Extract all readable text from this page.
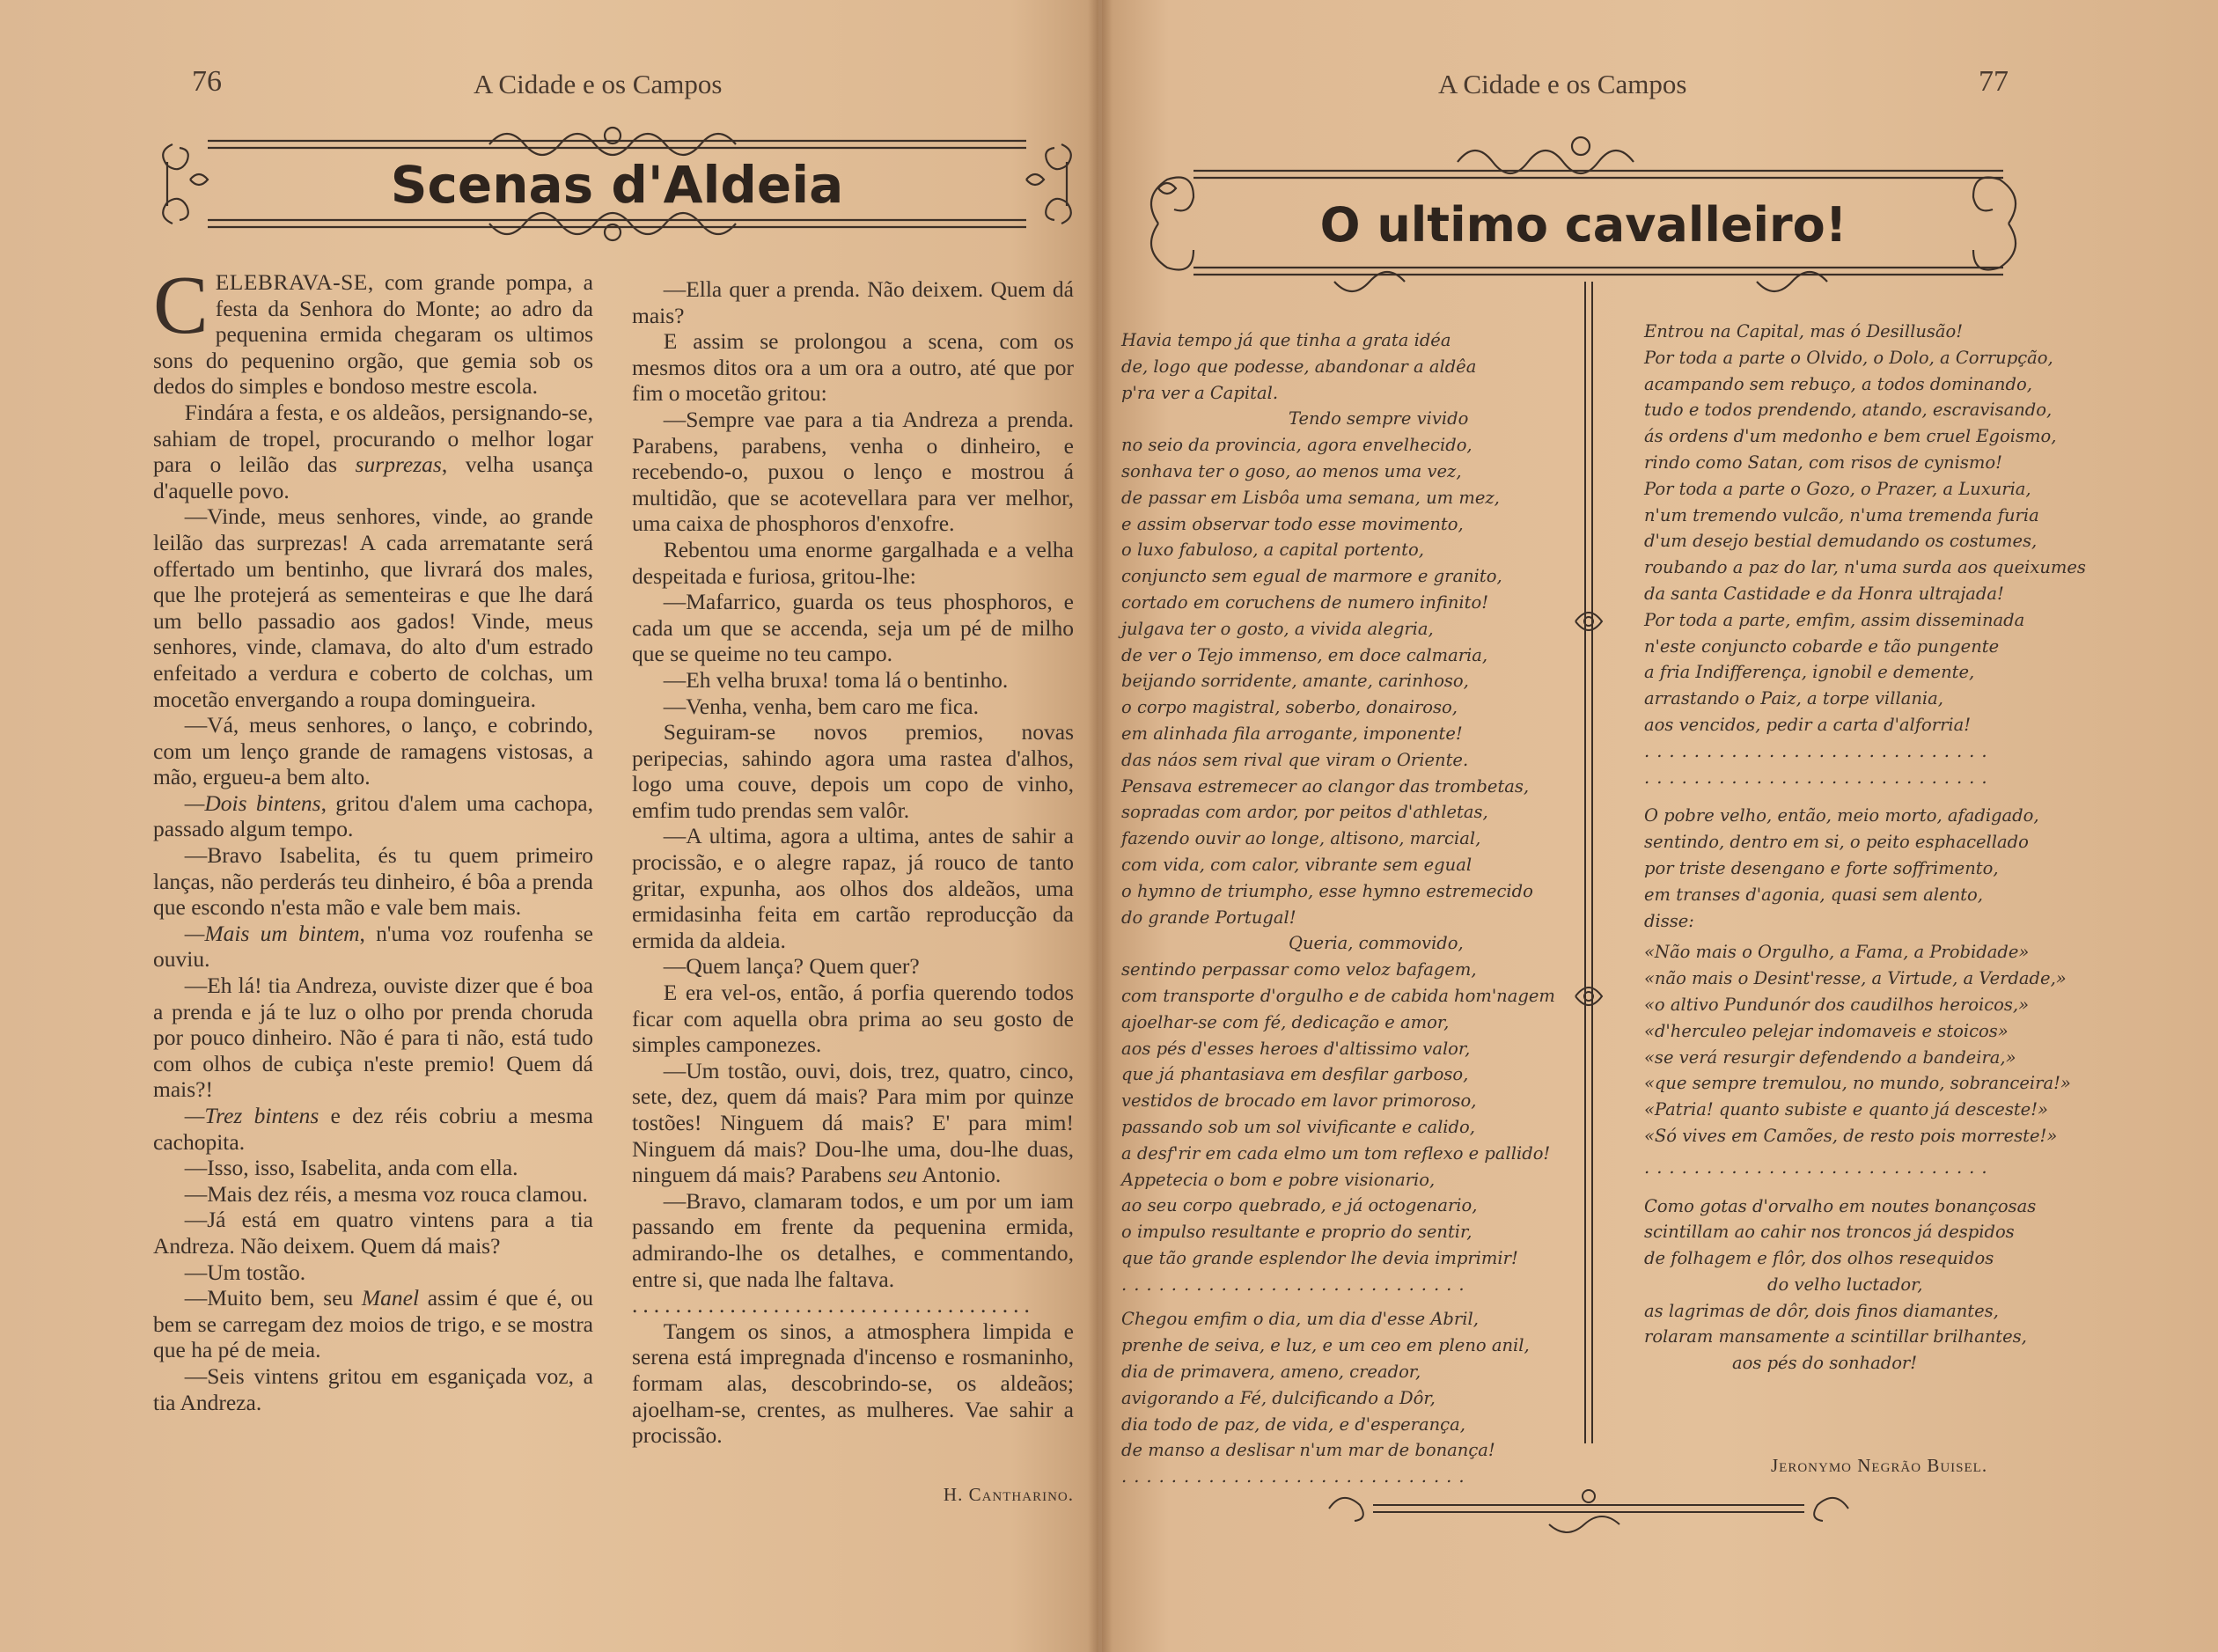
76	A Cidade e os Campos
Scenas d'Aldeia

CELEBRAVA-SE, com grande pompa, a festa da Senhora do Monte; ao adro da pequenina ermida chegaram os ultimos sons do pequenino orgão, que gemia sob os dedos do simples e bondoso mestre escola.

Findára a festa, e os aldeãos, persignando-se, sahiam de tropel, procurando o melhor logar para o leilão das surprezas, velha usança d'aquelle povo.

—Vinde, meus senhores, vinde, ao grande leilão das surprezas! A cada arrematante será offertado um bentinho, que livrará dos males, que lhe protejerá as sementeiras e que lhe dará um bello passadio aos gados! Vinde, meus senhores, vinde, clamava, do alto d'um estrado enfeitado a verdura e coberto de colchas, um mocetão envergando a roupa domingueira.

—Vá, meus senhores, o lanço, e cobrindo, com um lenço grande de ramagens vistosas, a mão, ergueu-a bem alto.

—Dois bintens, gritou d'alem uma cachopa, passado algum tempo.

—Bravo Isabelita, és tu quem primeiro lanças, não perderás teu dinheiro, é bôa a prenda que escondo n'esta mão e vale bem mais.

—Mais um bintem, n'uma voz roufenha se ouviu.

—Eh lá! tia Andreza, ouviste dizer que é boa a prenda e já te luz o olho por prenda choruda por pouco dinheiro. Não é para ti não, está tudo com olhos de cubiça n'este premio! Quem dá mais?!

—Trez bintens e dez réis cobriu a mesma cachopita.

—Isso, isso, Isabelita, anda com ella.

—Mais dez réis, a mesma voz rouca clamou.

—Já está em quatro vintens para a tia Andreza. Não deixem. Quem dá mais?

—Um tostão.

—Muito bem, seu Manel assim é que é, ou bem se carregam dez moios de trigo, e se mostra que ha pé de meia.

—Seis vintens gritou em esganiçada voz, a tia Andreza.

—Ella quer a prenda. Não deixem. Quem dá mais?

E assim se prolongou a scena, com os mesmos ditos ora a um ora a outro, até que por fim o mocetão gritou:

—Sempre vae para a tia Andreza a prenda. Parabens, parabens, venha o dinheiro, e recebendo-o, puxou o lenço e mostrou á multidão, que se acotevellara para ver melhor, uma caixa de phosphoros d'enxofre.

Rebentou uma enorme gargalhada e a velha despeitada e furiosa, gritou-lhe:

—Mafarrico, guarda os teus phosphoros, e cada um que se accenda, seja um pé de milho que se queime no teu campo.

—Eh velha bruxa! toma lá o bentinho.

—Venha, venha, bem caro me fica.

Seguiram-se novos premios, novas peripecias, sahindo agora uma rastea d'alhos, logo uma couve, depois um copo de vinho, emfim tudo prendas sem valôr.

—A ultima, agora a ultima, antes de sahir a procissão, e o alegre rapaz, já rouco de tanto gritar, expunha, aos olhos dos aldeãos, uma ermidasinha feita em cartão reproducção da ermida da aldeia.

—Quem lança? Quem quer?

E era vel-os, então, á porfia querendo todos ficar com aquella obra prima ao seu gosto de simples camponezes.

—Um tostão, ouvi, dois, trez, quatro, cinco, sete, dez, quem dá mais? Para mim por quinze tostões! Ninguem dá mais? E' para mim! Ninguem dá mais? Dou-lhe uma, dou-lhe duas, ninguem dá mais? Parabens seu Antonio.

—Bravo, clamaram todos, e um por um iam passando em frente da pequenina ermida, admirando-lhe os detalhes, e commentando, entre si, que nada lhe faltava.

.....................................

Tangem os sinos, a atmosphera limpida e serena está impregnada d'incenso e rosmaninho, formam alas, descobrindo-se, os aldeãos; ajoelham-se, crentes, as mulheres. Vae sahir a procissão.

H. Cantharino.

A Cidade e os Campos	77
O ultimo cavalleiro!
Havia tempo já que tinha a grata idéa
de, logo que podesse, abandonar a aldêa
p'ra ver a Capital.
Tendo sempre vivido
no seio da provincia, agora envelhecido,
sonhava ter o goso, ao menos uma vez,
de passar em Lisbôa uma semana, um mez,
e assim observar todo esse movimento,
o luxo fabuloso, a capital portento,
conjuncto sem egual de marmore e granito,
cortado em coruchens de numero infinito!
julgava ter o gosto, a vivida alegria,
de ver o Tejo immenso, em doce calmaria,
beijando sorridente, amante, carinhoso,
o corpo magistral, soberbo, donairoso,
em alinhada fila arrogante, imponente!
das náos sem rival que viram o Oriente.
Pensava estremecer ao clangor das trombetas,
sopradas com ardor, por peitos d'athletas,
fazendo ouvir ao longe, altisono, marcial,
com vida, com calor, vibrante sem egual
o hymno de triumpho, esse hymno estremecido
do grande Portugal!
Queria, commovido,
sentindo perpassar como veloz bafagem,
com transporte d'orgulho e de cabida hom'nagem
ajoelhar-se com fé, dedicação e amor,
aos pés d'esses heroes d'altissimo valor,
que já phantasiava em desfilar garboso,
vestidos de brocado em lavor primoroso,
passando sob um sol vivificante e calido,
a desf'rir em cada elmo um tom reflexo e pallido!
Appetecia o bom e pobre visionario,
ao seu corpo quebrado, e já octogenario,
o impulso resultante e proprio do sentir,
que tão grande esplendor lhe devia imprimir!
............................
Chegou emfim o dia, um dia d'esse Abril,
prenhe de seiva, e luz, e um ceo em pleno anil,
dia de primavera, ameno, creador,
avigorando a Fé, dulcificando a Dôr,
dia todo de paz, de vida, e d'esperança,
de manso a deslisar n'um mar de bonança!
............................
Entrou na Capital, mas ó Desillusão!
Por toda a parte o Olvido, o Dolo, a Corrupção,
acampando sem rebuço, a todos dominando,
tudo e todos prendendo, atando, escravisando,
ás ordens d'um medonho e bem cruel Egoismo,
rindo como Satan, com risos de cynismo!
Por toda a parte o Gozo, o Prazer, a Luxuria,
n'um tremendo vulcão, n'uma tremenda furia
d'um desejo bestial demudando os costumes,
roubando a paz do lar, n'uma surda aos queixumes
da santa Castidade e da Honra ultrajada!
Por toda a parte, emfim, assim disseminada
n'este conjuncto cobarde e tão pungente
a fria Indifferença, ignobil e demente,
arrastando o Paiz, a torpe villania,
aos vencidos, pedir a carta d'alforria!
............................
............................
O pobre velho, então, meio morto, afadigado,
sentindo, dentro em si, o peito esphacellado
por triste desengano e forte soffrimento,
em transes d'agonia, quasi sem alento,
disse:
«Não mais o Orgulho, a Fama, a Probidade»
«não mais o Desint'resse, a Virtude, a Verdade,»
«o altivo Pundunór dos caudilhos heroicos,»
«d'herculeo pelejar indomaveis e stoicos»
«se verá resurgir defendendo a bandeira,»
«que sempre tremulou, no mundo, sobranceira!»
«Patria! quanto subiste e quanto já desceste!»
«Só vives em Camões, de resto pois morreste!»
............................
Como gotas d'orvalho em noutes bonançosas
scintillam ao cahir nos troncos já despidos
de folhagem e flôr, dos olhos resequidos
do velho luctador,
as lagrimas de dôr, dois finos diamantes,
rolaram mansamente a scintillar brilhantes,
aos pés do sonhador!
Jeronymo Negrão Buisel.
